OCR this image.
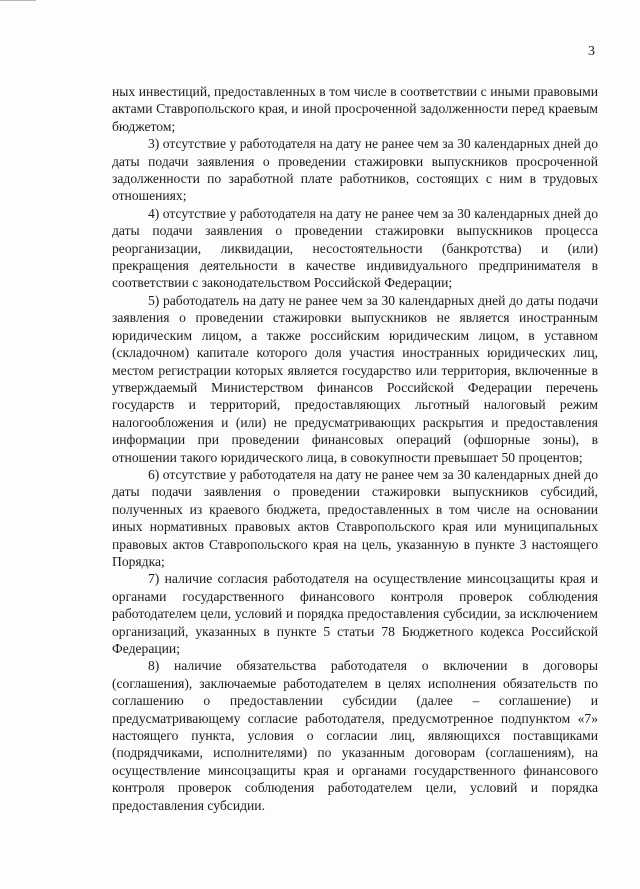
3

ных инвестиций, предоставленных в том числе в соответствии с иными правовыми актами Ставропольского края, и иной просроченной задолженности перед краевым бюджетом;

3) отсутствие у работодателя на дату не ранее чем за 30 календарных дней до даты подачи заявления о проведении стажировки выпускников просроченной задолженности по заработной плате работников, состоящих с ним в трудовых отношениях;

4) отсутствие у работодателя на дату не ранее чем за 30 календарных дней до даты подачи заявления о проведении стажировки выпускников процесса реорганизации, ликвидации, несостоятельности (банкротства) и (или) прекращения деятельности в качестве индивидуального предпринимателя в соответствии с законодательством Российской Федерации;

5) работодатель на дату не ранее чем за 30 календарных дней до даты подачи заявления о проведении стажировки выпускников не является иностранным юридическим лицом, а также российским юридическим лицом, в уставном (складочном) капитале которого доля участия иностранных юридических лиц, местом регистрации которых является государство или территория, включенные в утверждаемый Министерством финансов Российской Федерации перечень государств и территорий, предоставляющих льготный налоговый режим налогообложения и (или) не предусматривающих раскрытия и предоставления информации при проведении финансовых операций (офшорные зоны), в отношении такого юридического лица, в совокупности превышает 50 процентов;

6) отсутствие у работодателя на дату не ранее чем за 30 календарных дней до даты подачи заявления о проведении стажировки выпускников субсидий, полученных из краевого бюджета, предоставленных в том числе на основании иных нормативных правовых актов Ставропольского края или муниципальных правовых актов Ставропольского края на цель, указанную в пункте 3 настоящего Порядка;

7) наличие согласия работодателя на осуществление минсоцзащиты края и органами государственного финансового контроля проверок соблюдения работодателем цели, условий и порядка предоставления субсидии, за исключением организаций, указанных в пункте 5 статьи 78 Бюджетного кодекса Российской Федерации;

8) наличие обязательства работодателя о включении в договоры (соглашения), заключаемые работодателем в целях исполнения обязательств по соглашению о предоставлении субсидии (далее – соглашение) и предусматривающему согласие работодателя, предусмотренное подпунктом «7» настоящего пункта, условия о согласии лиц, являющихся поставщиками (подрядчиками, исполнителями) по указанным договорам (соглашениям), на осуществление минсоцзащиты края и органами государственного финансового контроля проверок соблюдения работодателем цели, условий и порядка предоставления субсидии.
